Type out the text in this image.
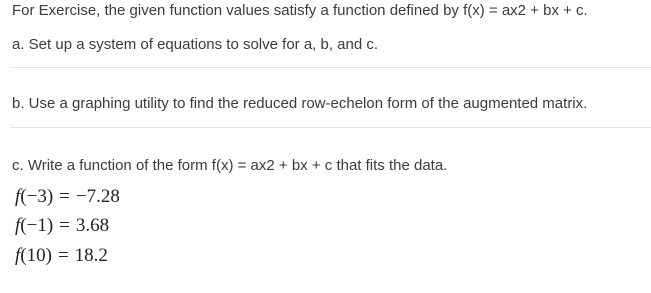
For Exercise, the given function values satisfy a function defined by f(x) = ax2 + bx + c.
a. Set up a system of equations to solve for a, b, and c.
b. Use a graphing utility to find the reduced row-echelon form of the augmented matrix.
c. Write a function of the form f(x) = ax2 + bx + c that fits the data.
f(−3) = −7.28
f(−1) = 3.68
f(10) = 18.2
